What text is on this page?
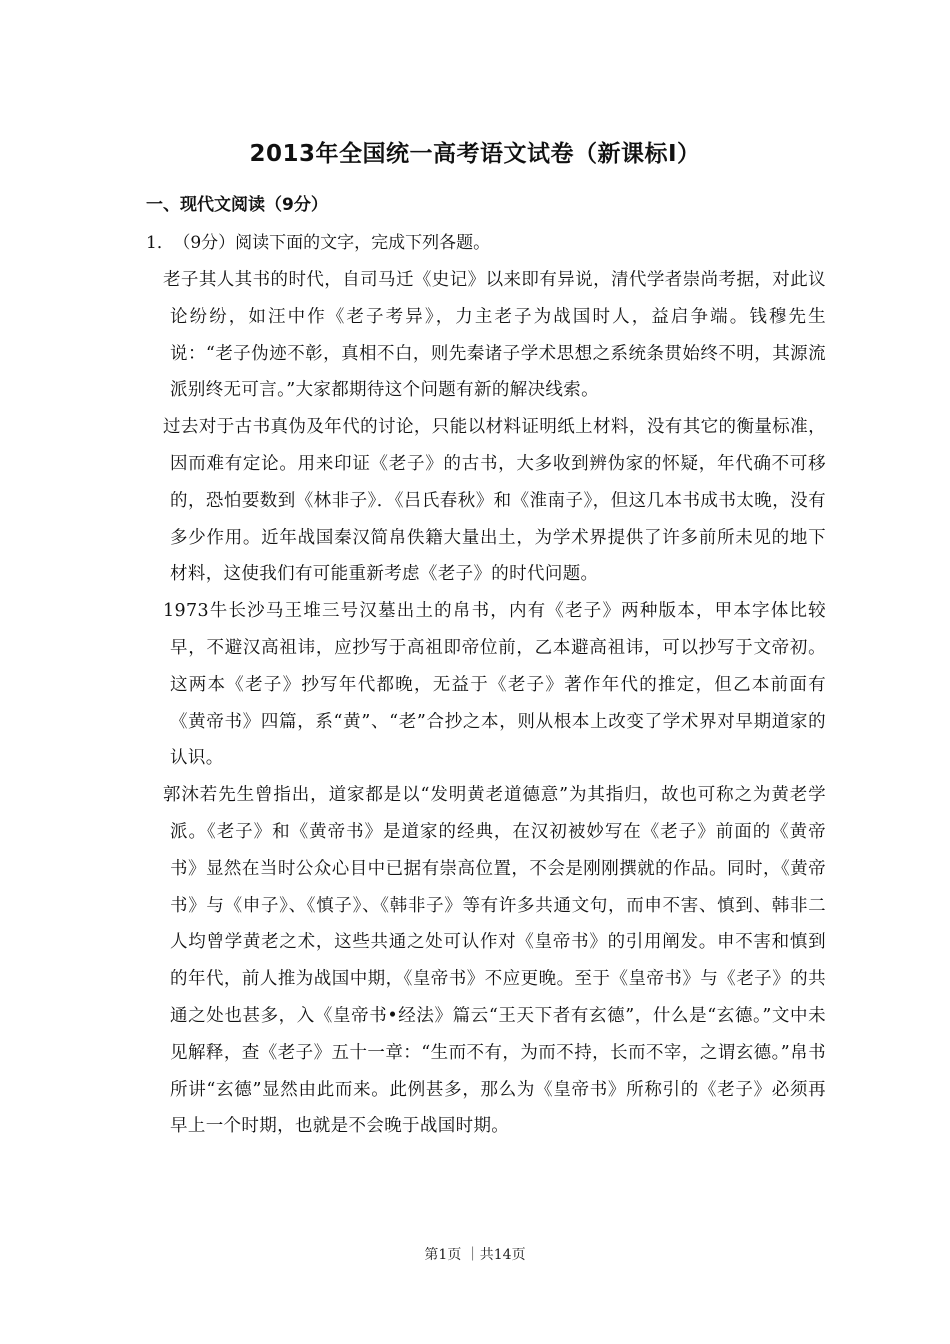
2013年全国统一高考语文试卷（新课标Ⅰ）
一、现代文阅读（9分）
1． （9分）阅读下面的文字，完成下列各题。

老子其人其书的时代，自司马迁《史记》以来即有异说，清代学者崇尚考据，对此议论纷纷，如汪中作《老子考异》，力主老子为战国时人，益启争端。钱穆先生说：“老子伪迹不彰，真相不白，则先秦诸子学术思想之系统条贯始终不明，其源流派别终无可言。”大家都期待这个问题有新的解决线索。

过去对于古书真伪及年代的讨论，只能以材料证明纸上材料，没有其它的衡量标准，因而难有定论。用来印证《老子》的古书，大多收到辨伪家的怀疑，年代确不可移的，恐怕要数到《林非子》．《吕氏春秋》和《淮南子》，但这几本书成书太晚，没有多少作用。近年战国秦汉简帛佚籍大量出土，为学术界提供了许多前所未见的地下材料，这使我们有可能重新考虑《老子》的时代问题。

1973牛长沙马王堆三号汉墓出土的帛书，内有《老子》两种版本，甲本字体比较早，不避汉高祖讳，应抄写于高祖即帝位前，乙本避高祖讳，可以抄写于文帝初。这两本《老子》抄写年代都晚，无益于《老子》著作年代的推定，但乙本前面有《黄帝书》四篇，系“黄”、“老”合抄之本，则从根本上改变了学术界对早期道家的认识。

郭沐若先生曾指出，道家都是以“发明黄老道德意”为其指归，故也可称之为黄老学派。《老子》和《黄帝书》是道家的经典，在汉初被妙写在《老子》前面的《黄帝书》显然在当时公众心目中已据有崇高位置，不会是刚刚撰就的作品。同时，《黄帝书》与《申子》、《慎子》、《韩非子》等有许多共通文句，而申不害、慎到、韩非二人均曾学黄老之术，这些共通之处可认作对《皇帝书》的引用阐发。申不害和慎到的年代，前人推为战国中期，《皇帝书》不应更晚。至于《皇帝书》与《老子》的共通之处也甚多，入《皇帝书•经法》篇云“王天下者有玄德”，什么是“玄德。”文中未见解释，查《老子》五十一章：“生而不有，为而不持，长而不宰，之谓玄德。”帛书所讲“玄德”显然由此而来。此例甚多，那么为《皇帝书》所称引的《老子》必须再早上一个时期，也就是不会晚于战国时期。

第1页 ｜共14页
